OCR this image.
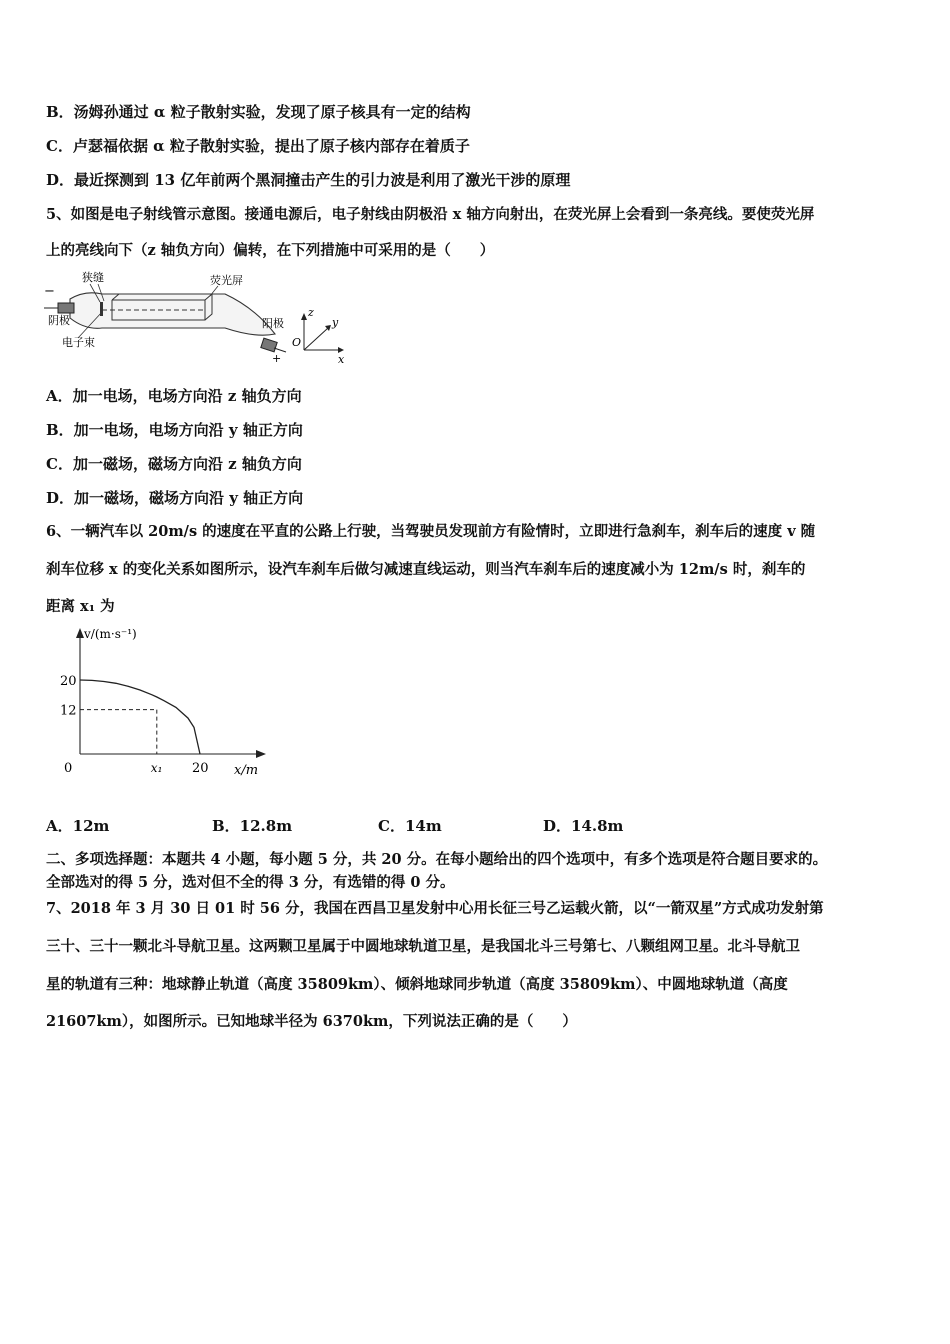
B．汤姆孙通过 α 粒子散射实验，发现了原子核具有一定的结构
C．卢瑟福依据 α 粒子散射实验，提出了原子核内部存在着质子
D．最近探测到 13 亿年前两个黑洞撞击产生的引力波是利用了激光干涉的原理
5、如图是电子射线管示意图。接通电源后，电子射线由阴极沿 x 轴方向射出，在荧光屏上会看到一条亮线。要使荧光屏
上的亮线向下（z 轴负方向）偏转，在下列措施中可采用的是（　　）
狭缝	荧光屏
−
阴极
电子束
阳极
+
z
y
x
O
A．加一电场，电场方向沿 z 轴负方向
B．加一电场，电场方向沿 y 轴正方向
C．加一磁场，磁场方向沿 z 轴负方向
D．加一磁场，磁场方向沿 y 轴正方向
6、一辆汽车以 20m/s 的速度在平直的公路上行驶，当驾驶员发现前方有险情时，立即进行急刹车，刹车后的速度 v 随
刹车位移 x 的变化关系如图所示，设汽车刹车后做匀减速直线运动，则当汽车刹车后的速度减小为 12m/s 时，刹车的
距离 x₁ 为
v/(m·s⁻¹)
x/m
0
20
12
x₁ 20
A．12m	B．12.8m	C．14m	D．14.8m
二、多项选择题：本题共 4 小题，每小题 5 分，共 20 分。在每小题给出的四个选项中，有多个选项是符合题目要求的。
全部选对的得 5 分，选对但不全的得 3 分，有选错的得 0 分。
7、2018 年 3 月 30 日 01 时 56 分，我国在西昌卫星发射中心用长征三号乙运载火箭，以“一箭双星”方式成功发射第
三十、三十一颗北斗导航卫星。这两颗卫星属于中圆地球轨道卫星，是我国北斗三号第七、八颗组网卫星。北斗导航卫
星的轨道有三种：地球静止轨道（高度 35809km）、倾斜地球同步轨道（高度 35809km）、中圆地球轨道（高度
21607km），如图所示。已知地球半径为 6370km，下列说法正确的是（　　）
